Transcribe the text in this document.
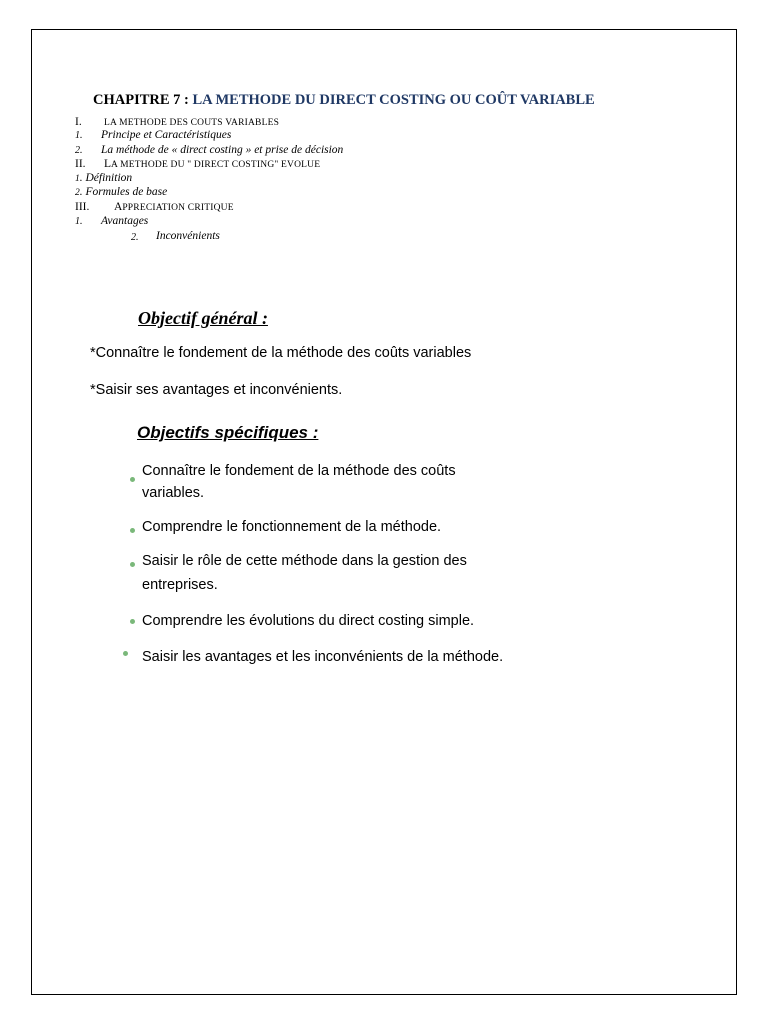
CHAPITRE 7 : LA METHODE DU DIRECT COSTING OU COÛT VARIABLE
I. LA METHODE DES COUTS VARIABLES
1. Principe et Caractéristiques
2. La méthode de « direct costing » et prise de décision
II. LA METHODE DU " DIRECT COSTING" EVOLUE
1. Définition
2. Formules de base
III. APPRECIATION CRITIQUE
1. Avantages
2. Inconvénients
Objectif général :
*Connaître le fondement de la méthode des coûts variables
*Saisir ses avantages et inconvénients.
Objectifs spécifiques :
Connaître le fondement de la méthode des coûts
variables.
Comprendre le fonctionnement de la méthode.
Saisir le rôle de cette méthode dans la gestion des
entreprises.
Comprendre les évolutions du direct costing simple.
Saisir les avantages et les inconvénients de la méthode.
